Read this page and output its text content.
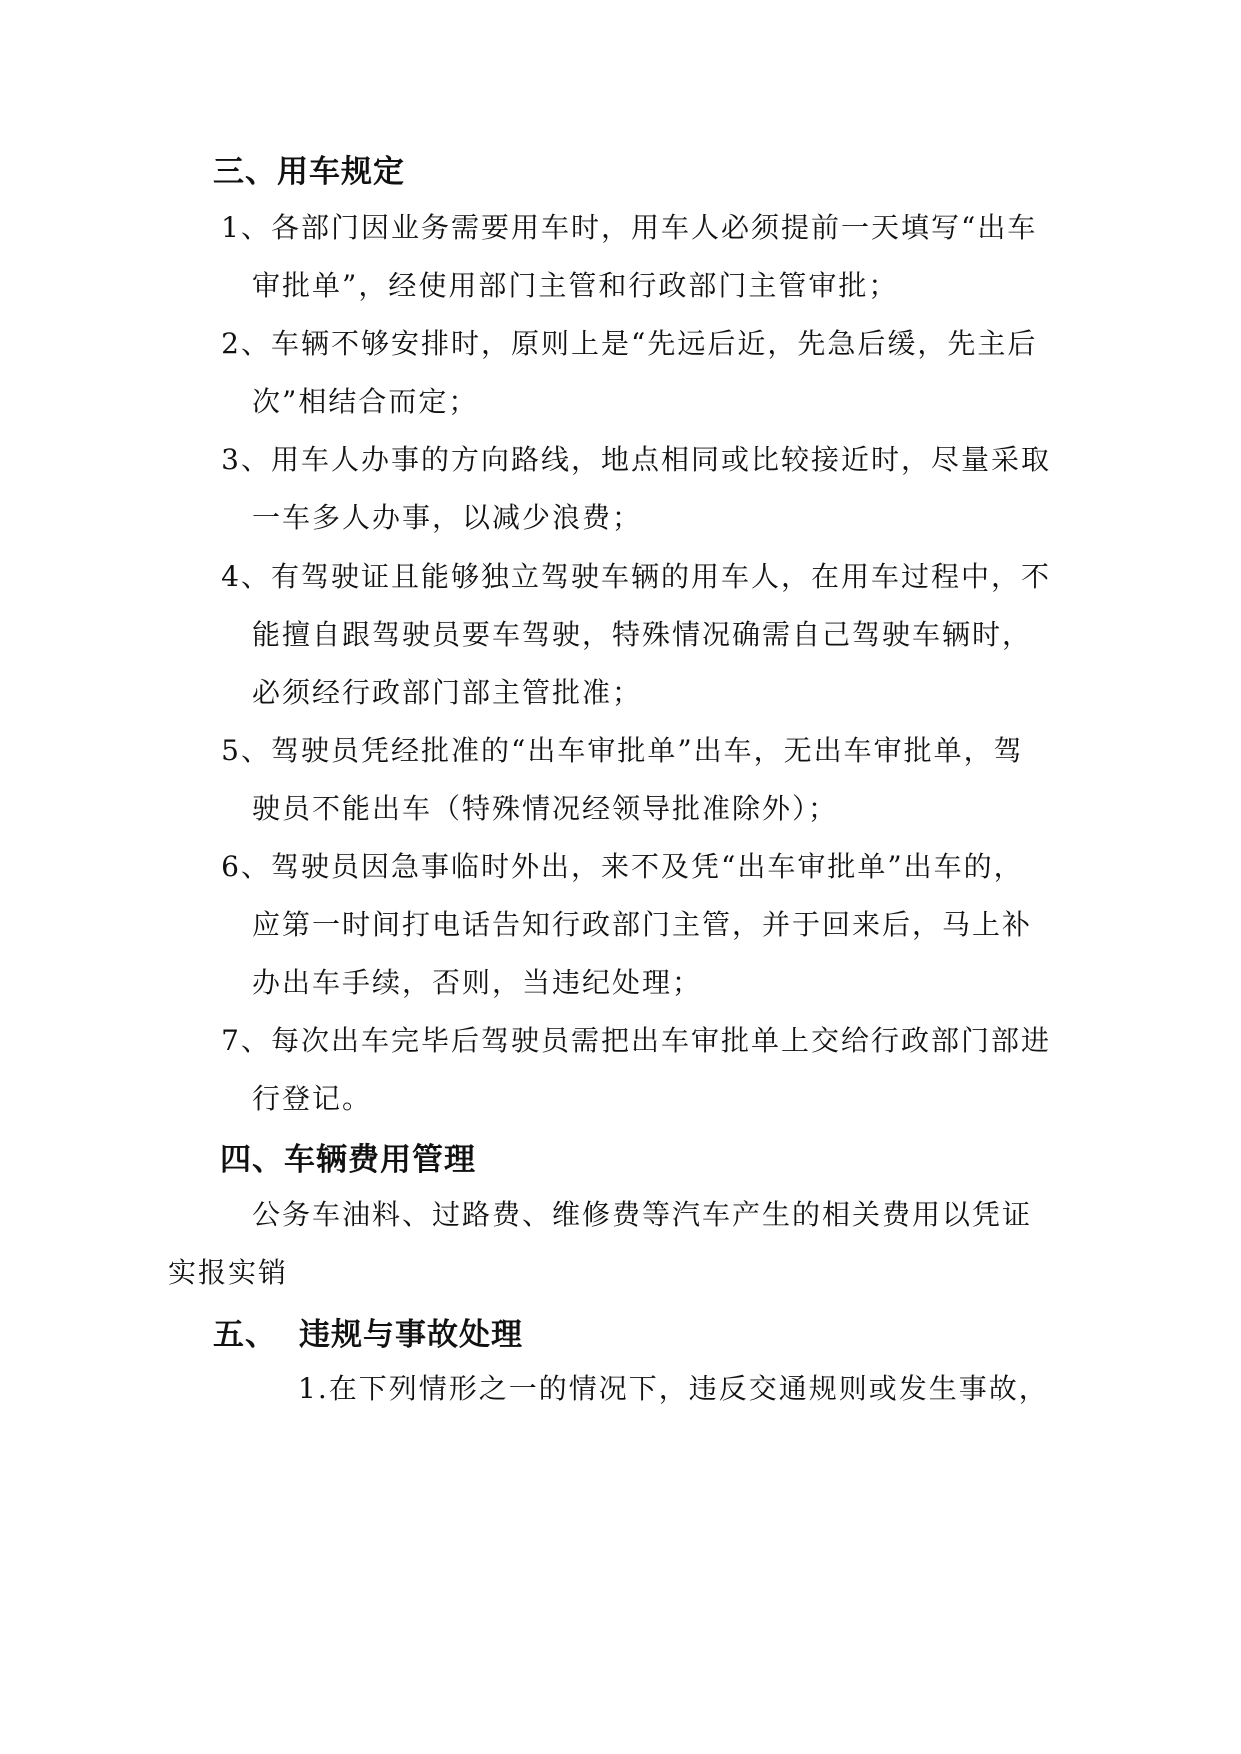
三、用车规定
1、各部门因业务需要用车时，用车人必须提前一天填写“出车
审批单”，经使用部门主管和行政部门主管审批；
2、车辆不够安排时，原则上是“先远后近，先急后缓，先主后
次”相结合而定；
3、用车人办事的方向路线，地点相同或比较接近时，尽量采取
一车多人办事，以减少浪费；
4、有驾驶证且能够独立驾驶车辆的用车人，在用车过程中，不
能擅自跟驾驶员要车驾驶，特殊情况确需自己驾驶车辆时，
必须经行政部门部主管批准；
5、驾驶员凭经批准的“出车审批单”出车，无出车审批单，驾
驶员不能出车（特殊情况经领导批准除外）；
6、驾驶员因急事临时外出，来不及凭“出车审批单”出车的，
应第一时间打电话告知行政部门主管，并于回来后，马上补
办出车手续，否则，当违纪处理；
7、每次出车完毕后驾驶员需把出车审批单上交给行政部门部进
行登记。
四、车辆费用管理
公务车油料、过路费、维修费等汽车产生的相关费用以凭证
实报实销
五、 违规与事故处理
1.在下列情形之一的情况下，违反交通规则或发生事故，
